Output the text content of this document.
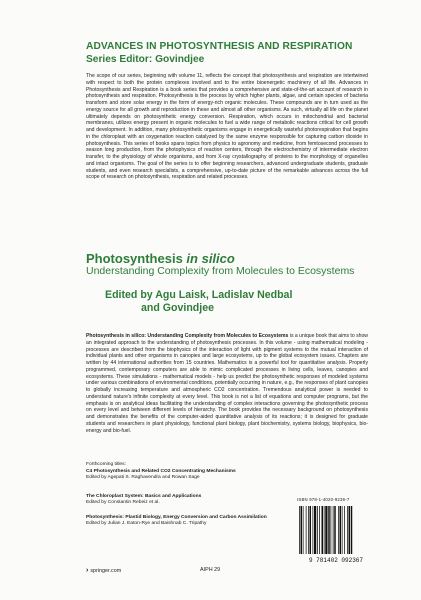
ADVANCES IN PHOTOSYNTHESIS AND RESPIRATION
Series Editor: Govindjee
The scope of our series, beginning with volume 11, reflects the concept that photosynthesis and respiration are intertwined with respect to both the protein complexes involved and to the entire bioenergetic machinery of all life. Advances in Photosynthesis and Respiration is a book series that provides a comprehensive and state-of-the-art account of research in photosynthesis and respiration. Photosynthesis is the process by which higher plants, algae, and certain species of bacteria transform and store solar energy in the form of energy-rich organic molecules. These compounds are in turn used as the energy source for all growth and reproduction in these and almost all other organisms. As such, virtually all life on the planet ultimately depends on photosynthetic energy conversion. Respiration, which occurs in mitochondrial and bacterial membranes, utilizes energy present in organic molecules to fuel a wide range of metabolic reactions critical for cell growth and development. In addition, many photosynthetic organisms engage in energetically wasteful photorespiration that begins in the chloroplast with an oxygenation reaction catalyzed by the same enzyme responsible for capturing carbon dioxide in photosynthesis. This series of books spans topics from physics to agronomy and medicine, from femtosecond processes to season long production, from the photophysics of reaction centers, through the electrochemistry of intermediate electron transfer, to the physiology of whole organisms, and from X-ray crystallography of proteins to the morphology of organelles and intact organisms. The goal of the series is to offer beginning researchers, advanced undergraduate students, graduate students, and even research specialists, a comprehensive, up-to-date picture of the remarkable advances across the full scope of research on photosynthesis, respiration and related processes.
Photosynthesis in silico
Understanding Complexity from Molecules to Ecosystems
Edited by Agu Laisk, Ladislav Nedbal
and Govindjee
Photosynthesis in silico: Understanding Complexity from Molecules to Ecosystems is a unique book that aims to show an integrated approach to the understanding of photosynthesis processes. In this volume - using mathematical modeling - processes are described from the biophysics of the interaction of light with pigment systems to the mutual interaction of individual plants and other organisms in canopies and large ecosystems, up to the global ecosystem issues. Chapters are written by 44 international authorities from 15 countries. Mathematics is a powerful tool for quantitative analysis. Properly programmed, contemporary computers are able to mimic complicated processes in living cells, leaves, canopies and ecosystems. These simulations - mathematical models - help us predict the photosynthetic responses of modeled systems under various combinations of environmental conditions, potentially occurring in nature, e.g., the responses of plant canopies to globally increasing temperature and atmospheric CO2 concentration. Tremendous analytical power is needed to understand nature's infinite complexity at every level. This book is not a list of equations and computer programs, but the emphasis is on analytical ideas facilitating the understanding of complex interactions governing the photosynthetic process on every level and between different levels of hierarchy. The book provides the necessary background on photosynthesis and demonstrates the benefits of the computer-aided quantitative analysis of its reactions; it is designed for graduate students and researchers in plant physiology, functional plant biology, plant biochemistry, systems biology, biophysics, bio-energy and bio-fuel.
Forthcoming titles:
C4 Photosynthesis and Related CO2 Concentrating Mechanisms
Edited by Agepati S. Raghavendra and Rowan Sage
The Chloroplast System: Basics and Applications
Edited by Constantin Rebeiz et al.
Photosynthesis: Plastid Biology, Energy Conversion and Carbon Assimilation
Edited by Julian J. Eaton-Rye and Baishnab C. Tripathy
ISBN 978-1-4020-9236-7
9 781402 092367
› springer.com	AIPH 29
